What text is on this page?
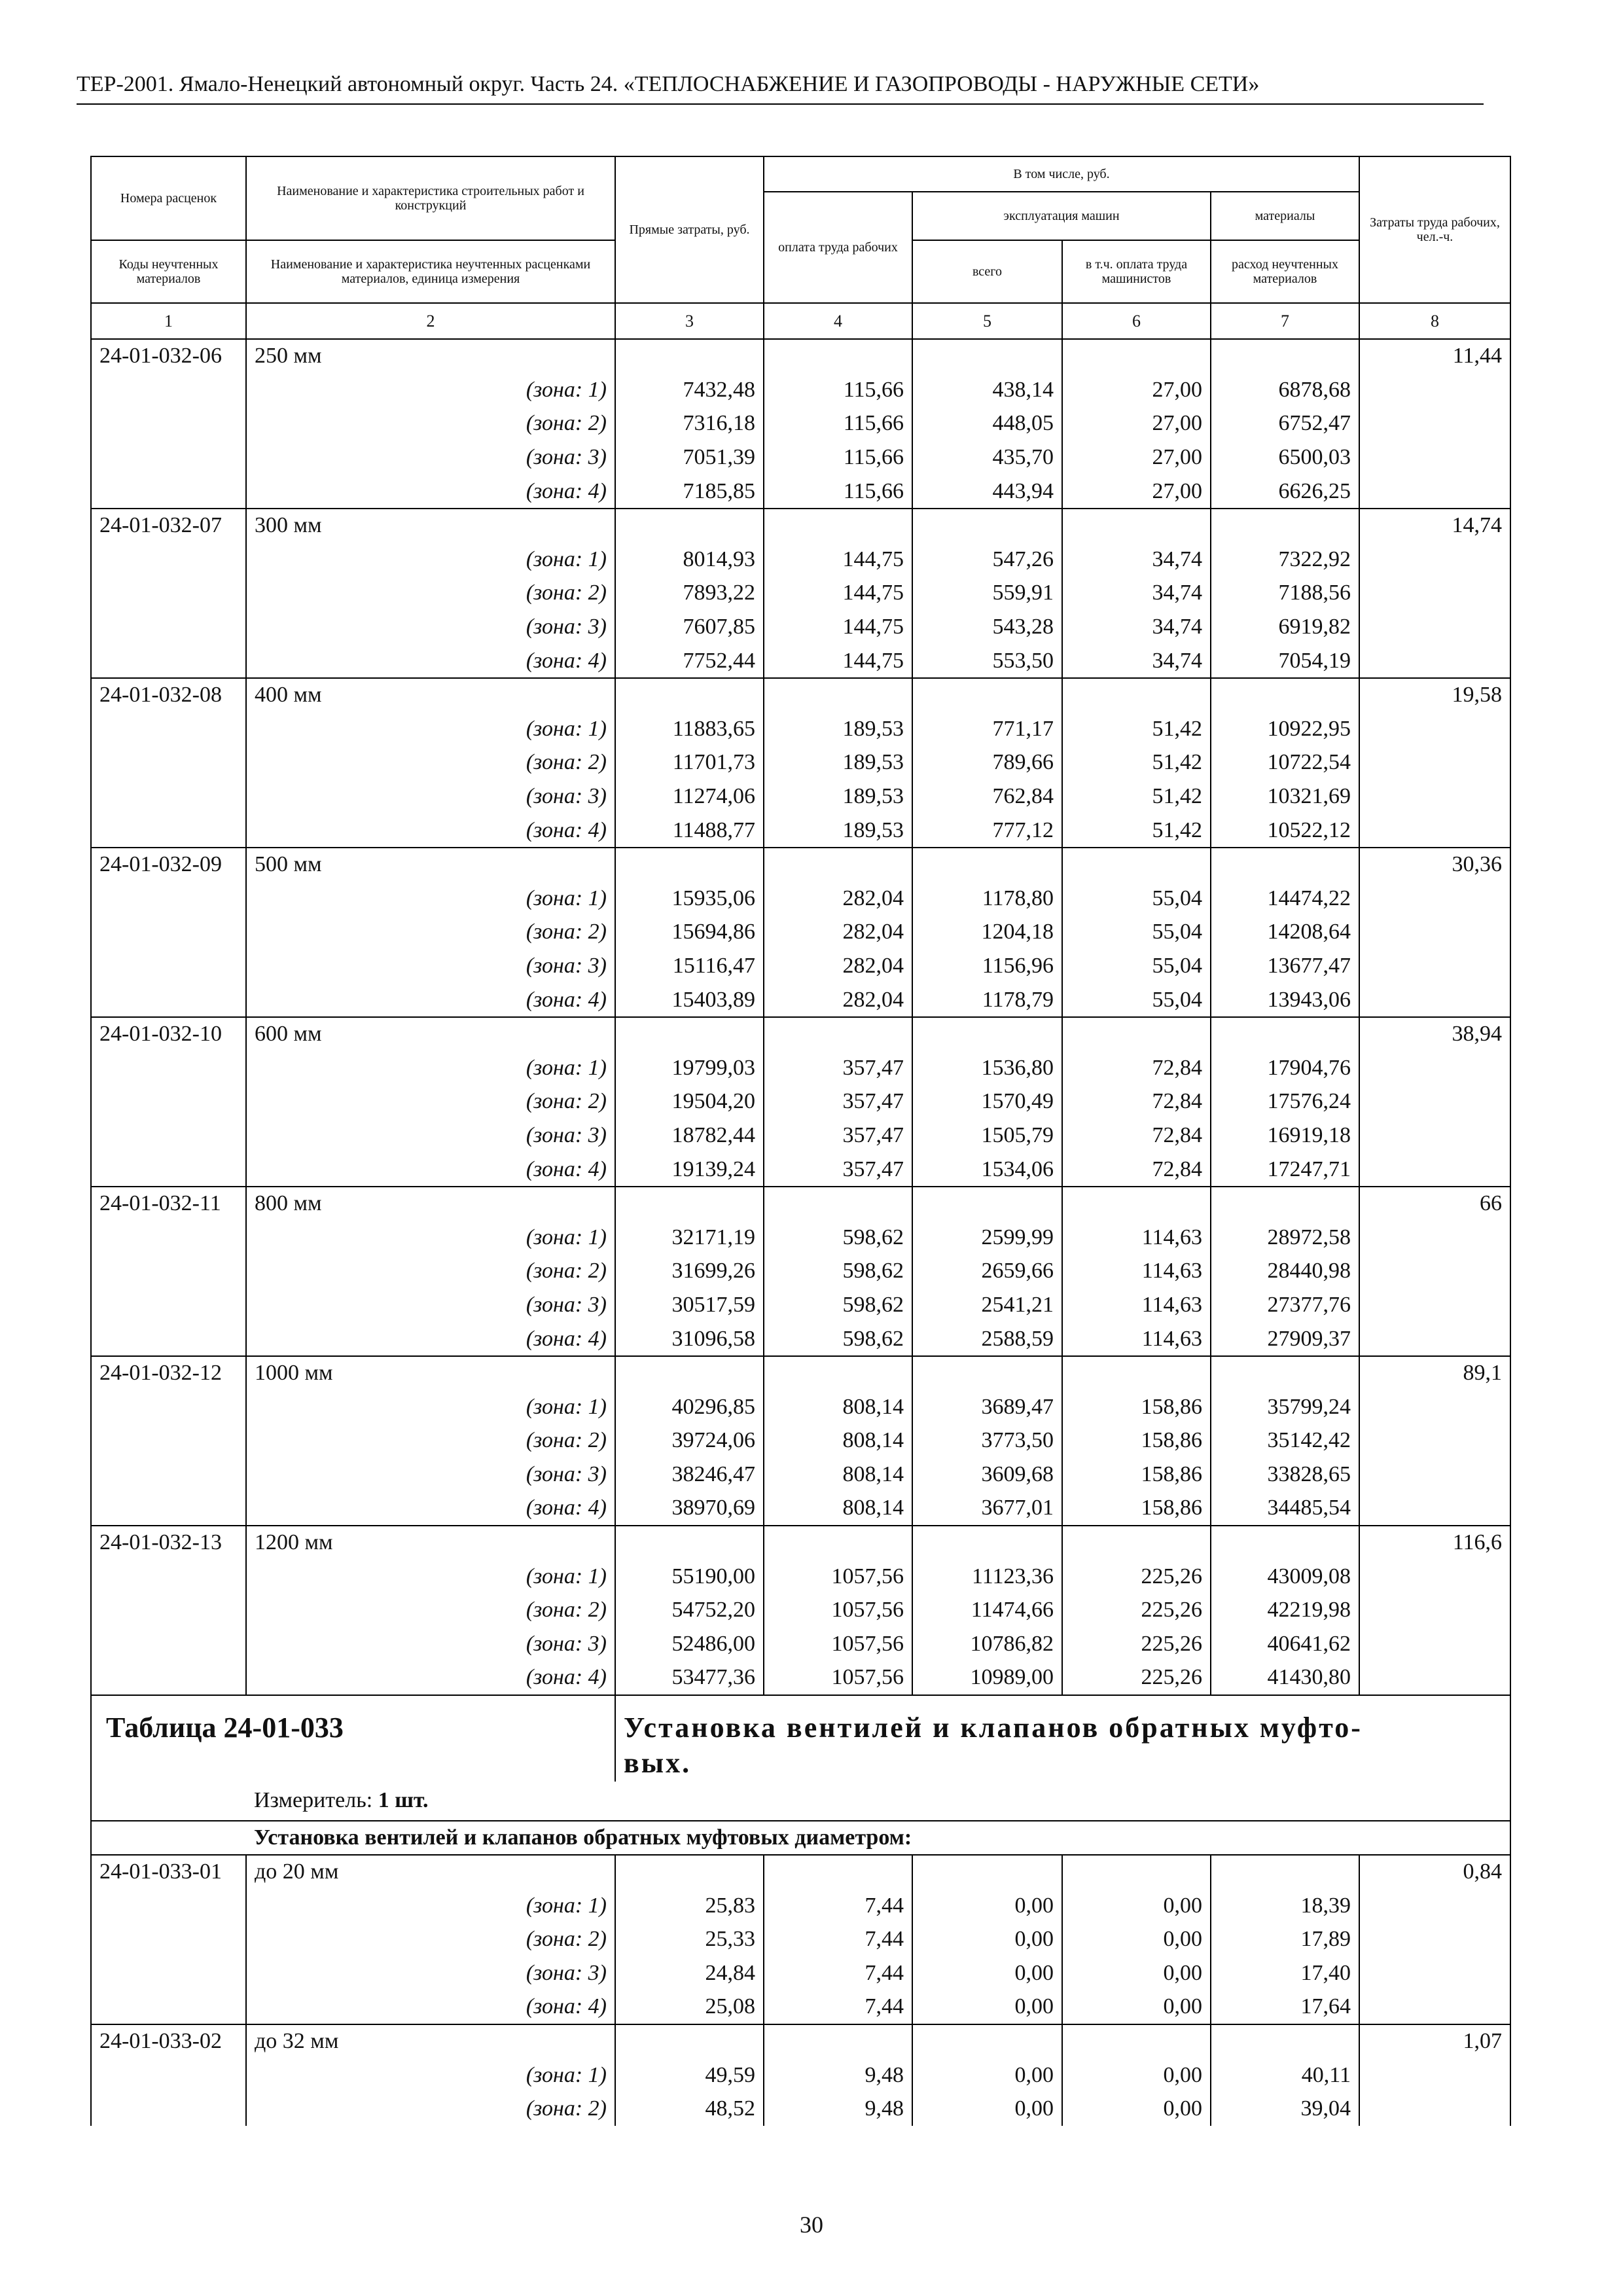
ТЕР-2001. Ямало-Ненецкий автономный округ. Часть 24. «ТЕПЛОСНАБЖЕНИЕ И ГАЗОПРОВОДЫ - НАРУЖНЫЕ СЕТИ»
Номера расценок	Наименование и характеристика строительных работ и конструкций	Прямые затраты, руб.	В том числе, руб.				Затраты труда рабочих, чел.-ч.
			оплата труда рабочих	эксплуатация машин		материалы	
Коды неучтенных материалов	Наименование и характеристика неучтенных расценками материалов, единица измерения			всего	в т.ч. оплата труда машинистов	расход неучтенных материалов	
1	2	3	4	5	6	7	8
24-01-032-06	250 мм						11,44
	(зона: 1)	7432,48	115,66	438,14	27,00	6878,68	
	(зона: 2)	7316,18	115,66	448,05	27,00	6752,47	
	(зона: 3)	7051,39	115,66	435,70	27,00	6500,03	
	(зона: 4)	7185,85	115,66	443,94	27,00	6626,25	
24-01-032-07	300 мм						14,74
	(зона: 1)	8014,93	144,75	547,26	34,74	7322,92	
	(зона: 2)	7893,22	144,75	559,91	34,74	7188,56	
	(зона: 3)	7607,85	144,75	543,28	34,74	6919,82	
	(зона: 4)	7752,44	144,75	553,50	34,74	7054,19	
24-01-032-08	400 мм						19,58
	(зона: 1)	11883,65	189,53	771,17	51,42	10922,95	
	(зона: 2)	11701,73	189,53	789,66	51,42	10722,54	
	(зона: 3)	11274,06	189,53	762,84	51,42	10321,69	
	(зона: 4)	11488,77	189,53	777,12	51,42	10522,12	
24-01-032-09	500 мм						30,36
	(зона: 1)	15935,06	282,04	1178,80	55,04	14474,22	
	(зона: 2)	15694,86	282,04	1204,18	55,04	14208,64	
	(зона: 3)	15116,47	282,04	1156,96	55,04	13677,47	
	(зона: 4)	15403,89	282,04	1178,79	55,04	13943,06	
24-01-032-10	600 мм						38,94
	(зона: 1)	19799,03	357,47	1536,80	72,84	17904,76	
	(зона: 2)	19504,20	357,47	1570,49	72,84	17576,24	
	(зона: 3)	18782,44	357,47	1505,79	72,84	16919,18	
	(зона: 4)	19139,24	357,47	1534,06	72,84	17247,71	
24-01-032-11	800 мм						66
	(зона: 1)	32171,19	598,62	2599,99	114,63	28972,58	
	(зона: 2)	31699,26	598,62	2659,66	114,63	28440,98	
	(зона: 3)	30517,59	598,62	2541,21	114,63	27377,76	
	(зона: 4)	31096,58	598,62	2588,59	114,63	27909,37	
24-01-032-12	1000 мм						89,1
	(зона: 1)	40296,85	808,14	3689,47	158,86	35799,24	
	(зона: 2)	39724,06	808,14	3773,50	158,86	35142,42	
	(зона: 3)	38246,47	808,14	3609,68	158,86	33828,65	
	(зона: 4)	38970,69	808,14	3677,01	158,86	34485,54	
24-01-032-13	1200 мм						116,6
	(зона: 1)	55190,00	1057,56	11123,36	225,26	43009,08	
	(зона: 2)	54752,20	1057,56	11474,66	225,26	42219,98	
	(зона: 3)	52486,00	1057,56	10786,82	225,26	40641,62	
	(зона: 4)	53477,36	1057,56	10989,00	225,26	41430,80	

Таблица 24-01-033		Установка вентилей и клапанов обратных муфто-вых.					

	Измеритель: 1 шт.						
	Установка вентилей и клапанов обратных муфтовых диаметром:						
24-01-033-01	до 20 мм						0,84
	(зона: 1)	25,83	7,44	0,00	0,00	18,39	
	(зона: 2)	25,33	7,44	0,00	0,00	17,89	
	(зона: 3)	24,84	7,44	0,00	0,00	17,40	
	(зона: 4)	25,08	7,44	0,00	0,00	17,64	
24-01-033-02	до 32 мм						1,07
	(зона: 1)	49,59	9,48	0,00	0,00	40,11	
	(зона: 2)	48,52	9,48	0,00	0,00	39,04	
30
